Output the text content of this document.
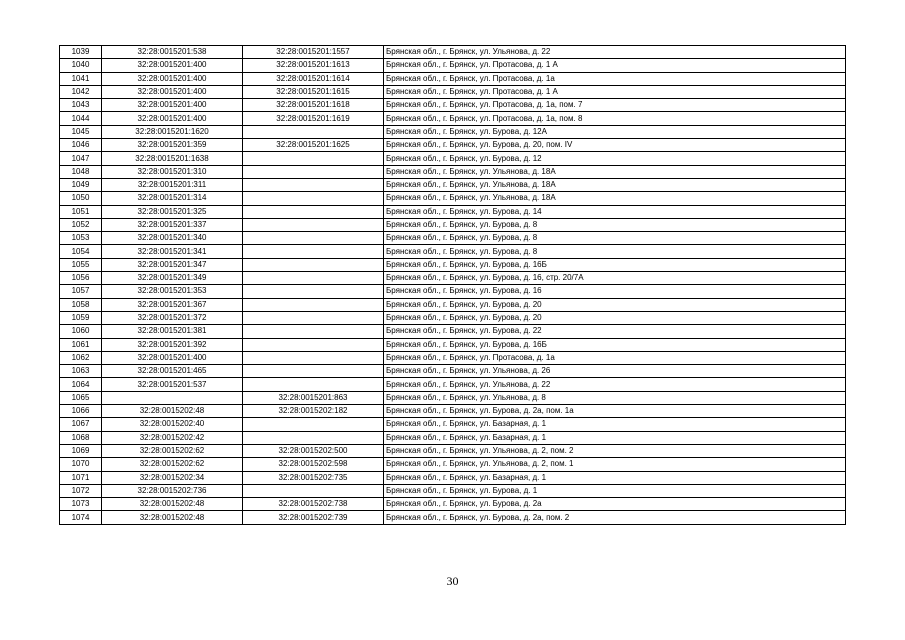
1039	32:28:0015201:538	32:28:0015201:1557	Брянская обл., г. Брянск, ул. Ульянова, д. 22
1040	32:28:0015201:400	32:28:0015201:1613	Брянская обл., г. Брянск, ул. Протасова, д. 1 А
1041	32:28:0015201:400	32:28:0015201:1614	Брянская обл., г. Брянск, ул. Протасова, д. 1а
1042	32:28:0015201:400	32:28:0015201:1615	Брянская обл., г. Брянск, ул. Протасова, д. 1 А
1043	32:28:0015201:400	32:28:0015201:1618	Брянская обл., г. Брянск, ул. Протасова, д. 1а, пом. 7
1044	32:28:0015201:400	32:28:0015201:1619	Брянская обл., г. Брянск, ул. Протасова, д. 1а, пом. 8
1045	32:28:0015201:1620		Брянская обл., г. Брянск, ул. Бурова, д. 12А
1046	32:28:0015201:359	32:28:0015201:1625	Брянская обл., г. Брянск, ул. Бурова, д. 20, пом. IV
1047	32:28:0015201:1638		Брянская обл., г. Брянск, ул. Бурова, д. 12
1048	32:28:0015201:310		Брянская обл., г. Брянск, ул. Ульянова, д. 18А
1049	32:28:0015201:311		Брянская обл., г. Брянск, ул. Ульянова, д. 18А
1050	32:28:0015201:314		Брянская обл., г. Брянск, ул. Ульянова, д. 18А
1051	32:28:0015201:325		Брянская обл., г. Брянск, ул. Бурова, д. 14
1052	32:28:0015201:337		Брянская обл., г. Брянск, ул. Бурова, д. 8
1053	32:28:0015201:340		Брянская обл., г. Брянск, ул. Бурова, д. 8
1054	32:28:0015201:341		Брянская обл., г. Брянск, ул. Бурова, д. 8
1055	32:28:0015201:347		Брянская обл., г. Брянск, ул. Бурова, д. 16Б
1056	32:28:0015201:349		Брянская обл., г. Брянск, ул. Бурова, д. 16, стр. 20/7А
1057	32:28:0015201:353		Брянская обл., г. Брянск, ул. Бурова, д. 16
1058	32:28:0015201:367		Брянская обл., г. Брянск, ул. Бурова, д. 20
1059	32:28:0015201:372		Брянская обл., г. Брянск, ул. Бурова, д. 20
1060	32:28:0015201:381		Брянская обл., г. Брянск, ул. Бурова, д. 22
1061	32:28:0015201:392		Брянская обл., г. Брянск, ул. Бурова, д. 16Б
1062	32:28:0015201:400		Брянская обл., г. Брянск, ул. Протасова, д. 1а
1063	32:28:0015201:465		Брянская обл., г. Брянск, ул. Ульянова, д. 26
1064	32:28:0015201:537		Брянская обл., г. Брянск, ул. Ульянова, д. 22
1065		32:28:0015201:863	Брянская обл., г. Брянск, ул. Ульянова, д. 8
1066	32:28:0015202:48	32:28:0015202:182	Брянская обл., г. Брянск, ул. Бурова, д. 2а, пом. 1а
1067	32:28:0015202:40		Брянская обл., г. Брянск, ул. Базарная, д. 1
1068	32:28:0015202:42		Брянская обл., г. Брянск, ул. Базарная, д. 1
1069	32:28:0015202:62	32:28:0015202:500	Брянская обл., г. Брянск, ул. Ульянова, д. 2, пом. 2
1070	32:28:0015202:62	32:28:0015202:598	Брянская обл., г. Брянск, ул. Ульянова, д. 2, пом. 1
1071	32:28:0015202:34	32:28:0015202:735	Брянская обл., г. Брянск, ул. Базарная, д. 1
1072	32:28:0015202:736		Брянская обл., г. Брянск, ул. Бурова, д. 1
1073	32:28:0015202:48	32:28:0015202:738	Брянская обл., г. Брянск, ул. Бурова, д. 2а
1074	32:28:0015202:48	32:28:0015202:739	Брянская обл., г. Брянск, ул. Бурова, д. 2а, пом. 2
30
